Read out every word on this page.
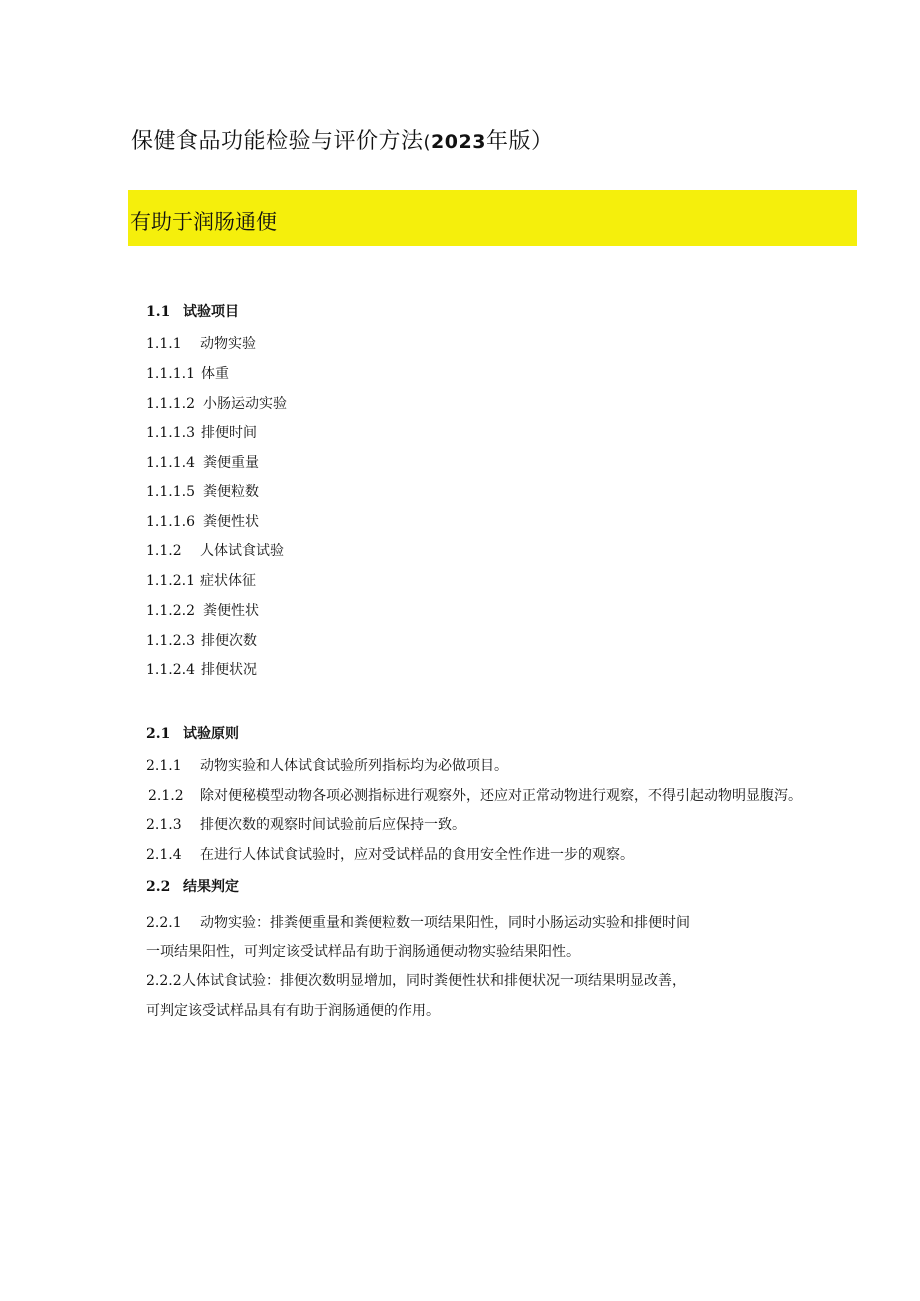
保健食品功能检验与评价方法(2023年版）
有助于润肠通便
1.1 试验项目
1.1.1 动物实验
1.1.1.1 体重
1.1.1.2 小肠运动实验
1.1.1.3 排便时间
1.1.1.4 粪便重量
1.1.1.5 粪便粒数
1.1.1.6 粪便性状
1.1.2 人体试食试验
1.1.2.1 症状体征
1.1.2.2 粪便性状
1.1.2.3 排便次数
1.1.2.4 排便状况
2.1 试验原则
2.1.1 动物实验和人体试食试验所列指标均为必做项目。
2.1.2 除对便秘模型动物各项必测指标进行观察外，还应对正常动物进行观察，不得引起动物明显腹泻。
2.1.3 排便次数的观察时间试验前后应保持一致。
2.1.4 在进行人体试食试验时，应对受试样品的食用安全性作进一步的观察。
2.2 结果判定
2.2.1 动物实验：排粪便重量和粪便粒数一项结果阳性，同时小肠运动实验和排便时间
一项结果阳性，可判定该受试样品有助于润肠通便动物实验结果阳性。
2.2.2人体试食试验：排便次数明显增加，同时粪便性状和排便状况一项结果明显改善，
可判定该受试样品具有有助于润肠通便的作用。
